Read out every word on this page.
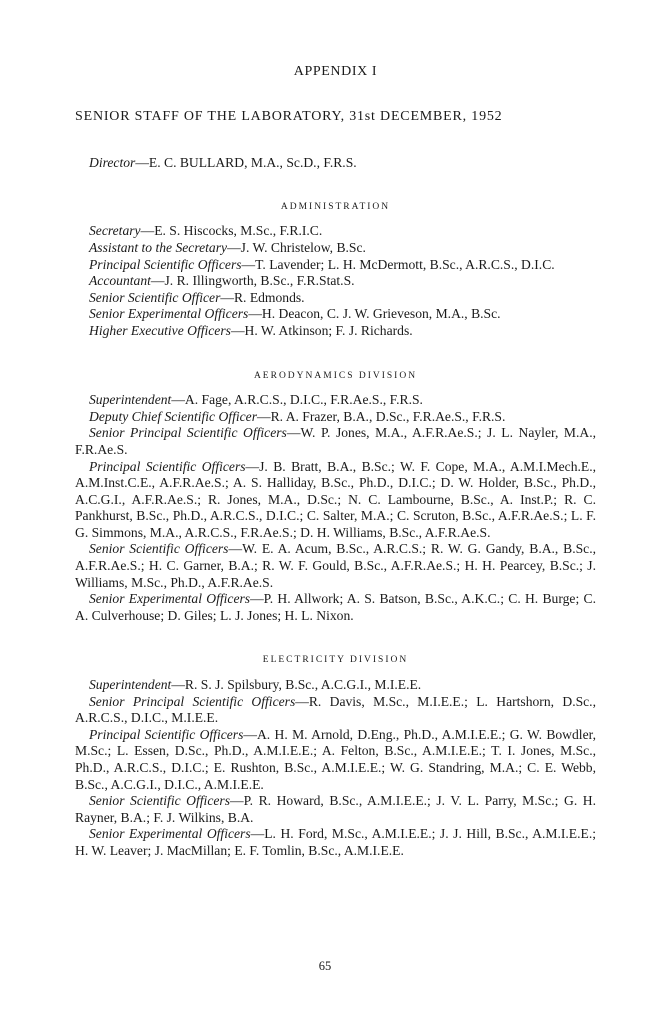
APPENDIX I
SENIOR STAFF OF THE LABORATORY, 31st DECEMBER, 1952
Director—E. C. BULLARD, M.A., Sc.D., F.R.S.
ADMINISTRATION

Secretary—E. S. Hiscocks, M.Sc., F.R.I.C.

Assistant to the Secretary—J. W. Christelow, B.Sc.

Principal Scientific Officers—T. Lavender; L. H. McDermott, B.Sc., A.R.C.S., D.I.C.

Accountant—J. R. Illingworth, B.Sc., F.R.Stat.S.

Senior Scientific Officer—R. Edmonds.

Senior Experimental Officers—H. Deacon, C. J. W. Grieveson, M.A., B.Sc.

Higher Executive Officers—H. W. Atkinson; F. J. Richards.

AERODYNAMICS DIVISION

Superintendent—A. Fage, A.R.C.S., D.I.C., F.R.Ae.S., F.R.S.

Deputy Chief Scientific Officer—R. A. Frazer, B.A., D.Sc., F.R.Ae.S., F.R.S.

Senior Principal Scientific Officers—W. P. Jones, M.A., A.F.R.Ae.S.; J. L. Nayler, M.A., F.R.Ae.S.

Principal Scientific Officers—J. B. Bratt, B.A., B.Sc.; W. F. Cope, M.A., A.M.I.Mech.E., A.M.Inst.C.E., A.F.R.Ae.S.; A. S. Halliday, B.Sc., Ph.D., D.I.C.; D. W. Holder, B.Sc., Ph.D., A.C.G.I., A.F.R.Ae.S.; R. Jones, M.A., D.Sc.; N. C. Lambourne, B.Sc., A. Inst.P.; R. C. Pankhurst, B.Sc., Ph.D., A.R.C.S., D.I.C.; C. Salter, M.A.; C. Scruton, B.Sc., A.F.R.Ae.S.; L. F. G. Simmons, M.A., A.R.C.S., F.R.Ae.S.; D. H. Williams, B.Sc., A.F.R.Ae.S.

Senior Scientific Officers—W. E. A. Acum, B.Sc., A.R.C.S.; R. W. G. Gandy, B.A., B.Sc., A.F.R.Ae.S.; H. C. Garner, B.A.; R. W. F. Gould, B.Sc., A.F.R.Ae.S.; H. H. Pearcey, B.Sc.; J. Williams, M.Sc., Ph.D., A.F.R.Ae.S.

Senior Experimental Officers—P. H. Allwork; A. S. Batson, B.Sc., A.K.C.; C. H. Burge; C. A. Culverhouse; D. Giles; L. J. Jones; H. L. Nixon.

ELECTRICITY DIVISION

Superintendent—R. S. J. Spilsbury, B.Sc., A.C.G.I., M.I.E.E.

Senior Principal Scientific Officers—R. Davis, M.Sc., M.I.E.E.; L. Hartshorn, D.Sc., A.R.C.S., D.I.C., M.I.E.E.

Principal Scientific Officers—A. H. M. Arnold, D.Eng., Ph.D., A.M.I.E.E.; G. W. Bowdler, M.Sc.; L. Essen, D.Sc., Ph.D., A.M.I.E.E.; A. Felton, B.Sc., A.M.I.E.E.; T. I. Jones, M.Sc., Ph.D., A.R.C.S., D.I.C.; E. Rushton, B.Sc., A.M.I.E.E.; W. G. Standring, M.A.; C. E. Webb, B.Sc., A.C.G.I., D.I.C., A.M.I.E.E.

Senior Scientific Officers—P. R. Howard, B.Sc., A.M.I.E.E.; J. V. L. Parry, M.Sc.; G. H. Rayner, B.A.; F. J. Wilkins, B.A.

Senior Experimental Officers—L. H. Ford, M.Sc., A.M.I.E.E.; J. J. Hill, B.Sc., A.M.I.E.E.; H. W. Leaver; J. MacMillan; E. F. Tomlin, B.Sc., A.M.I.E.E.

65
